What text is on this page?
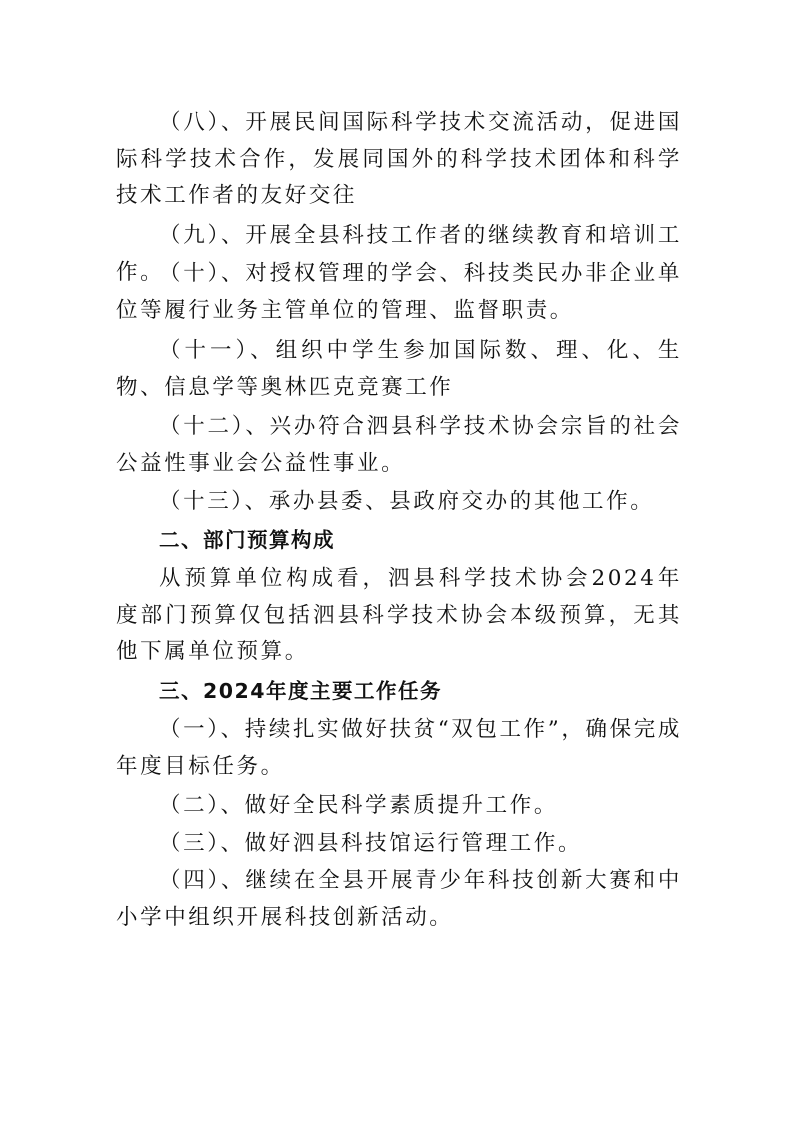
（八）、开展民间国际科学技术交流活动，促进国际科学技术合作，发展同国外的科学技术团体和科学技术工作者的友好交往

（九）、开展全县科技工作者的继续教育和培训工作。

（十）、对授权管理的学会、科技类民办非企业单位等履行业务主管单位的管理、监督职责。

（十一）、组织中学生参加国际数、理、化、生物、信息学等奥林匹克竞赛工作

（十二）、兴办符合泗县科学技术协会宗旨的社会公益性事业会公益性事业。

（十三）、承办县委、县政府交办的其他工作。

二、部门预算构成

从预算单位构成看，泗县科学技术协会2024年度部门预算仅包括泗县科学技术协会本级预算，无其他下属单位预算。

三、2024年度主要工作任务

（一）、持续扎实做好扶贫“双包工作”，确保完成年度目标任务。

（二）、做好全民科学素质提升工作。

（三）、做好泗县科技馆运行管理工作。

（四）、继续在全县开展青少年科技创新大赛和中小学中组织开展科技创新活动。
